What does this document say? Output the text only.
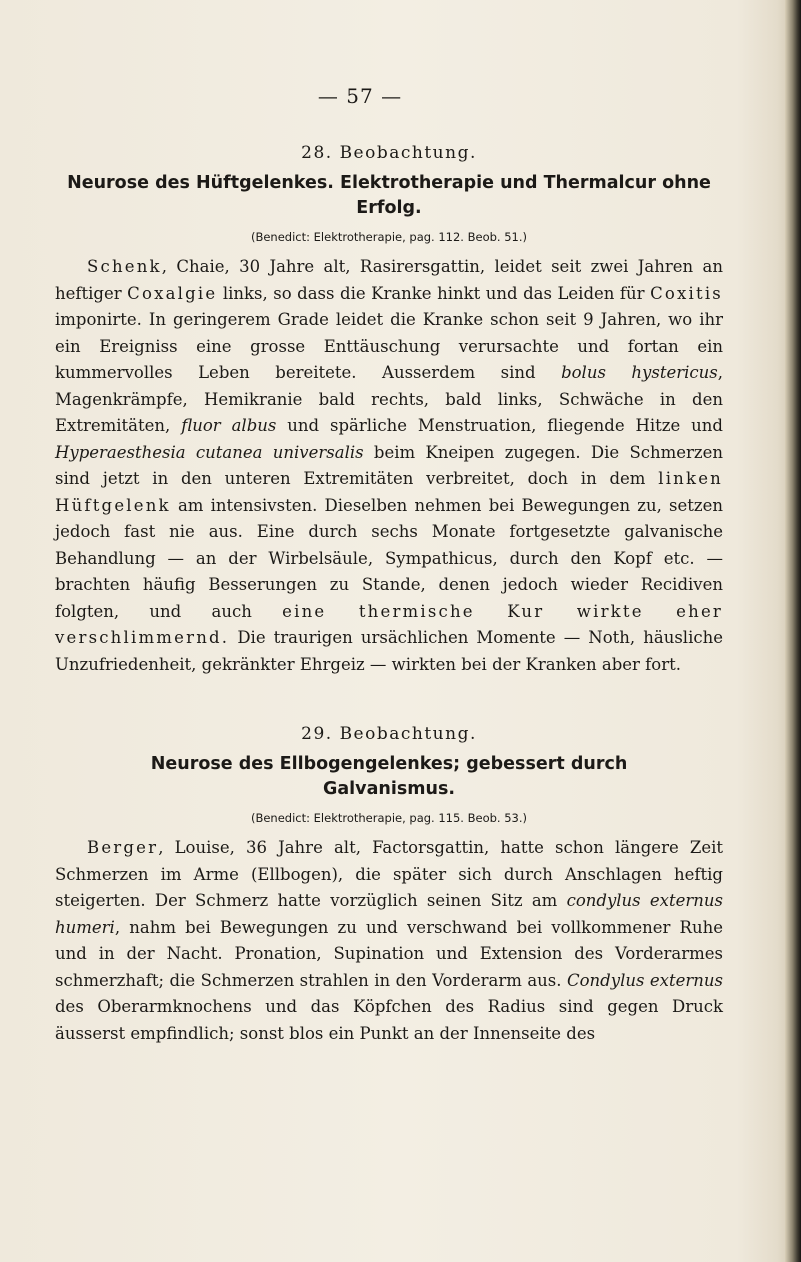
— 57 —
28. Beobachtung.
Neurose des Hüftgelenkes. Elektrotherapie und Thermalcur ohne Erfolg.
(Benedict: Elektrotherapie, pag. 112. Beob. 51.)

Schenk, Chaie, 30 Jahre alt, Rasirersgattin, leidet seit zwei Jahren an heftiger Coxalgie links, so dass die Kranke hinkt und das Leiden für Coxitis imponirte. In geringerem Grade leidet die Kranke schon seit 9 Jahren, wo ihr ein Ereigniss eine grosse Enttäuschung verursachte und fortan ein kummervolles Leben bereitete. Ausserdem sind bolus hystericus, Magenkrämpfe, Hemikranie bald rechts, bald links, Schwäche in den Extremitäten, fluor albus und spärliche Menstruation, fliegende Hitze und Hyperaesthesia cutanea universalis beim Kneipen zugegen. Die Schmerzen sind jetzt in den unteren Extremitäten verbreitet, doch in dem linken Hüftgelenk am intensivsten. Dieselben nehmen bei Bewegungen zu, setzen jedoch fast nie aus. Eine durch sechs Monate fortgesetzte galvanische Behandlung — an der Wirbelsäule, Sympathicus, durch den Kopf etc. — brachten häufig Besserungen zu Stande, denen jedoch wieder Recidiven folgten, und auch eine thermische Kur wirkte eher verschlimmernd. Die traurigen ursächlichen Momente — Noth, häusliche Unzufriedenheit, gekränkter Ehrgeiz — wirkten bei der Kranken aber fort.

29. Beobachtung.
Neurose des Ellbogengelenkes; gebessert durch
Galvanismus.
(Benedict: Elektrotherapie, pag. 115. Beob. 53.)

Berger, Louise, 36 Jahre alt, Factorsgattin, hatte schon längere Zeit Schmerzen im Arme (Ellbogen), die später sich durch Anschlagen heftig steigerten. Der Schmerz hatte vorzüglich seinen Sitz am condylus externus humeri, nahm bei Bewegungen zu und verschwand bei vollkommener Ruhe und in der Nacht. Pronation, Supination und Extension des Vorderarmes schmerzhaft; die Schmerzen strahlen in den Vorderarm aus. Condylus externus des Oberarmknochens und das Köpfchen des Radius sind gegen Druck äusserst empfindlich; sonst blos ein Punkt an der Innenseite des
